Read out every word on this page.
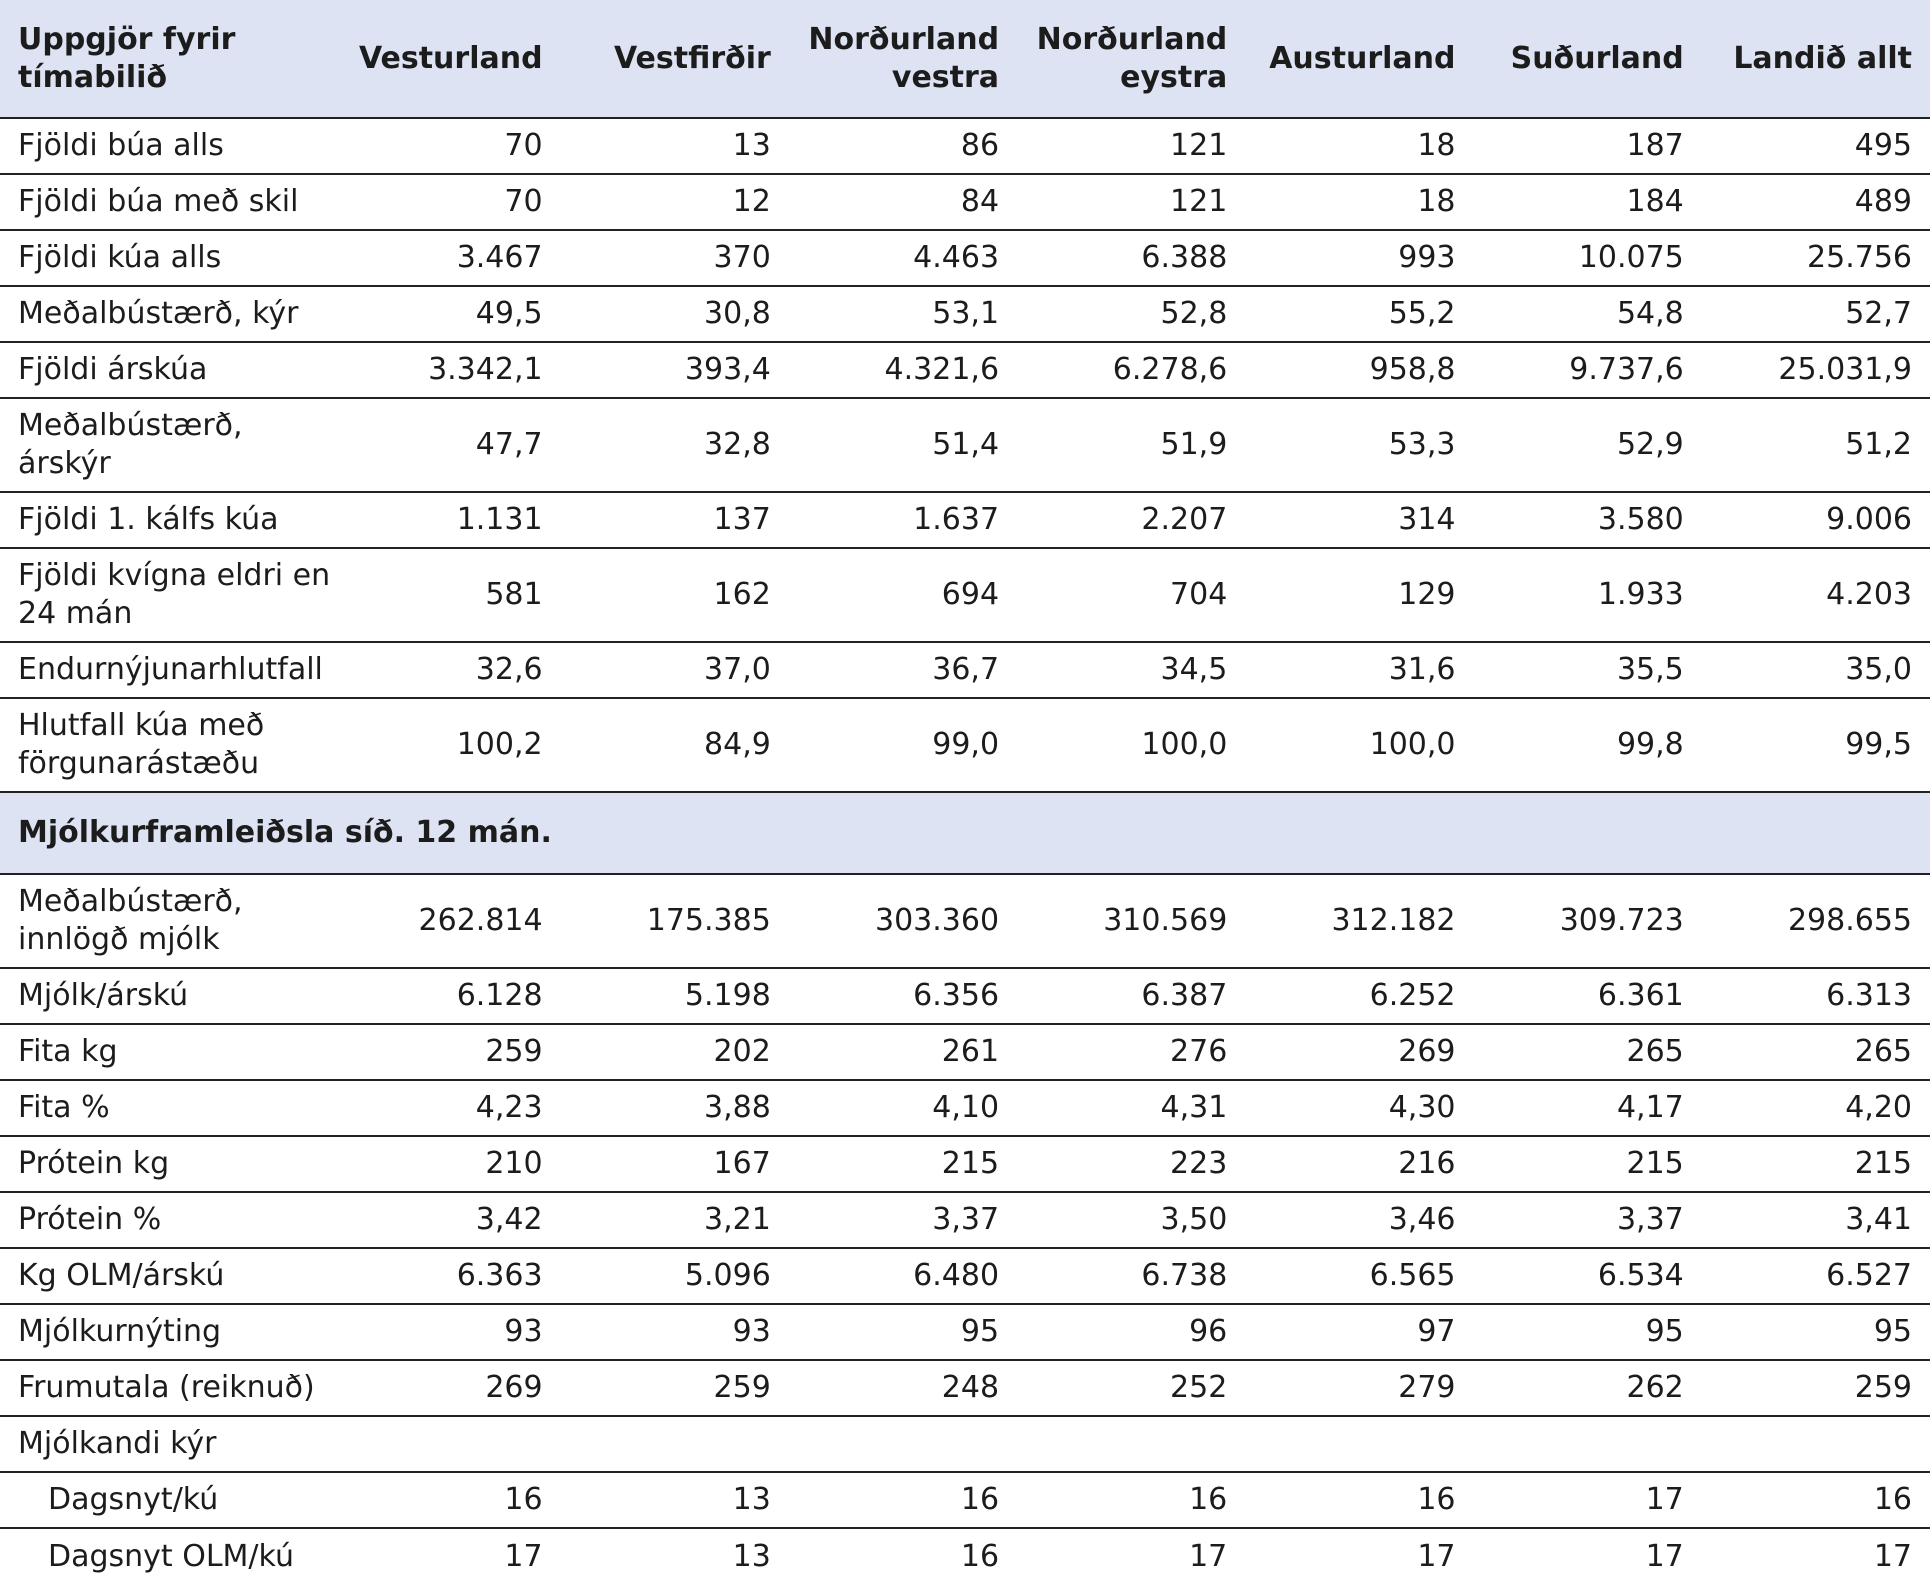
Uppgjör fyrir tímabilið	Vesturland	Vestfirðir	Norðurland vestra	Norðurland eystra	Austurland	Suðurland	Landið allt
Fjöldi búa alls	70	13	86	121	18	187	495
Fjöldi búa með skil	70	12	84	121	18	184	489
Fjöldi kúa alls	3.467	370	4.463	6.388	993	10.075	25.756
Meðalbústærð, kýr	49,5	30,8	53,1	52,8	55,2	54,8	52,7
Fjöldi árskúa	3.342,1	393,4	4.321,6	6.278,6	958,8	9.737,6	25.031,9
Meðalbústærð, árskýr	47,7	32,8	51,4	51,9	53,3	52,9	51,2
Fjöldi 1. kálfs kúa	1.131	137	1.637	2.207	314	3.580	9.006
Fjöldi kvígna eldri en 24 mán	581	162	694	704	129	1.933	4.203
Endurnýjunarhlutfall	32,6	37,0	36,7	34,5	31,6	35,5	35,0
Hlutfall kúa með förgunarástæðu	100,2	84,9	99,0	100,0	100,0	99,8	99,5
Mjólkurframleiðsla síð. 12 mán.							
Meðalbústærð, innlögð mjólk	262.814	175.385	303.360	310.569	312.182	309.723	298.655
Mjólk/árskú	6.128	5.198	6.356	6.387	6.252	6.361	6.313
Fita kg	259	202	261	276	269	265	265
Fita %	4,23	3,88	4,10	4,31	4,30	4,17	4,20
Prótein kg	210	167	215	223	216	215	215
Prótein %	3,42	3,21	3,37	3,50	3,46	3,37	3,41
Kg OLM/árskú	6.363	5.096	6.480	6.738	6.565	6.534	6.527
Mjólkurnýting	93	93	95	96	97	95	95
Frumutala (reiknuð)	269	259	248	252	279	262	259
Mjólkandi kýr							
Dagsnyt/kú	16	13	16	16	16	17	16
Dagsnyt OLM/kú	17	13	16	17	17	17	17
